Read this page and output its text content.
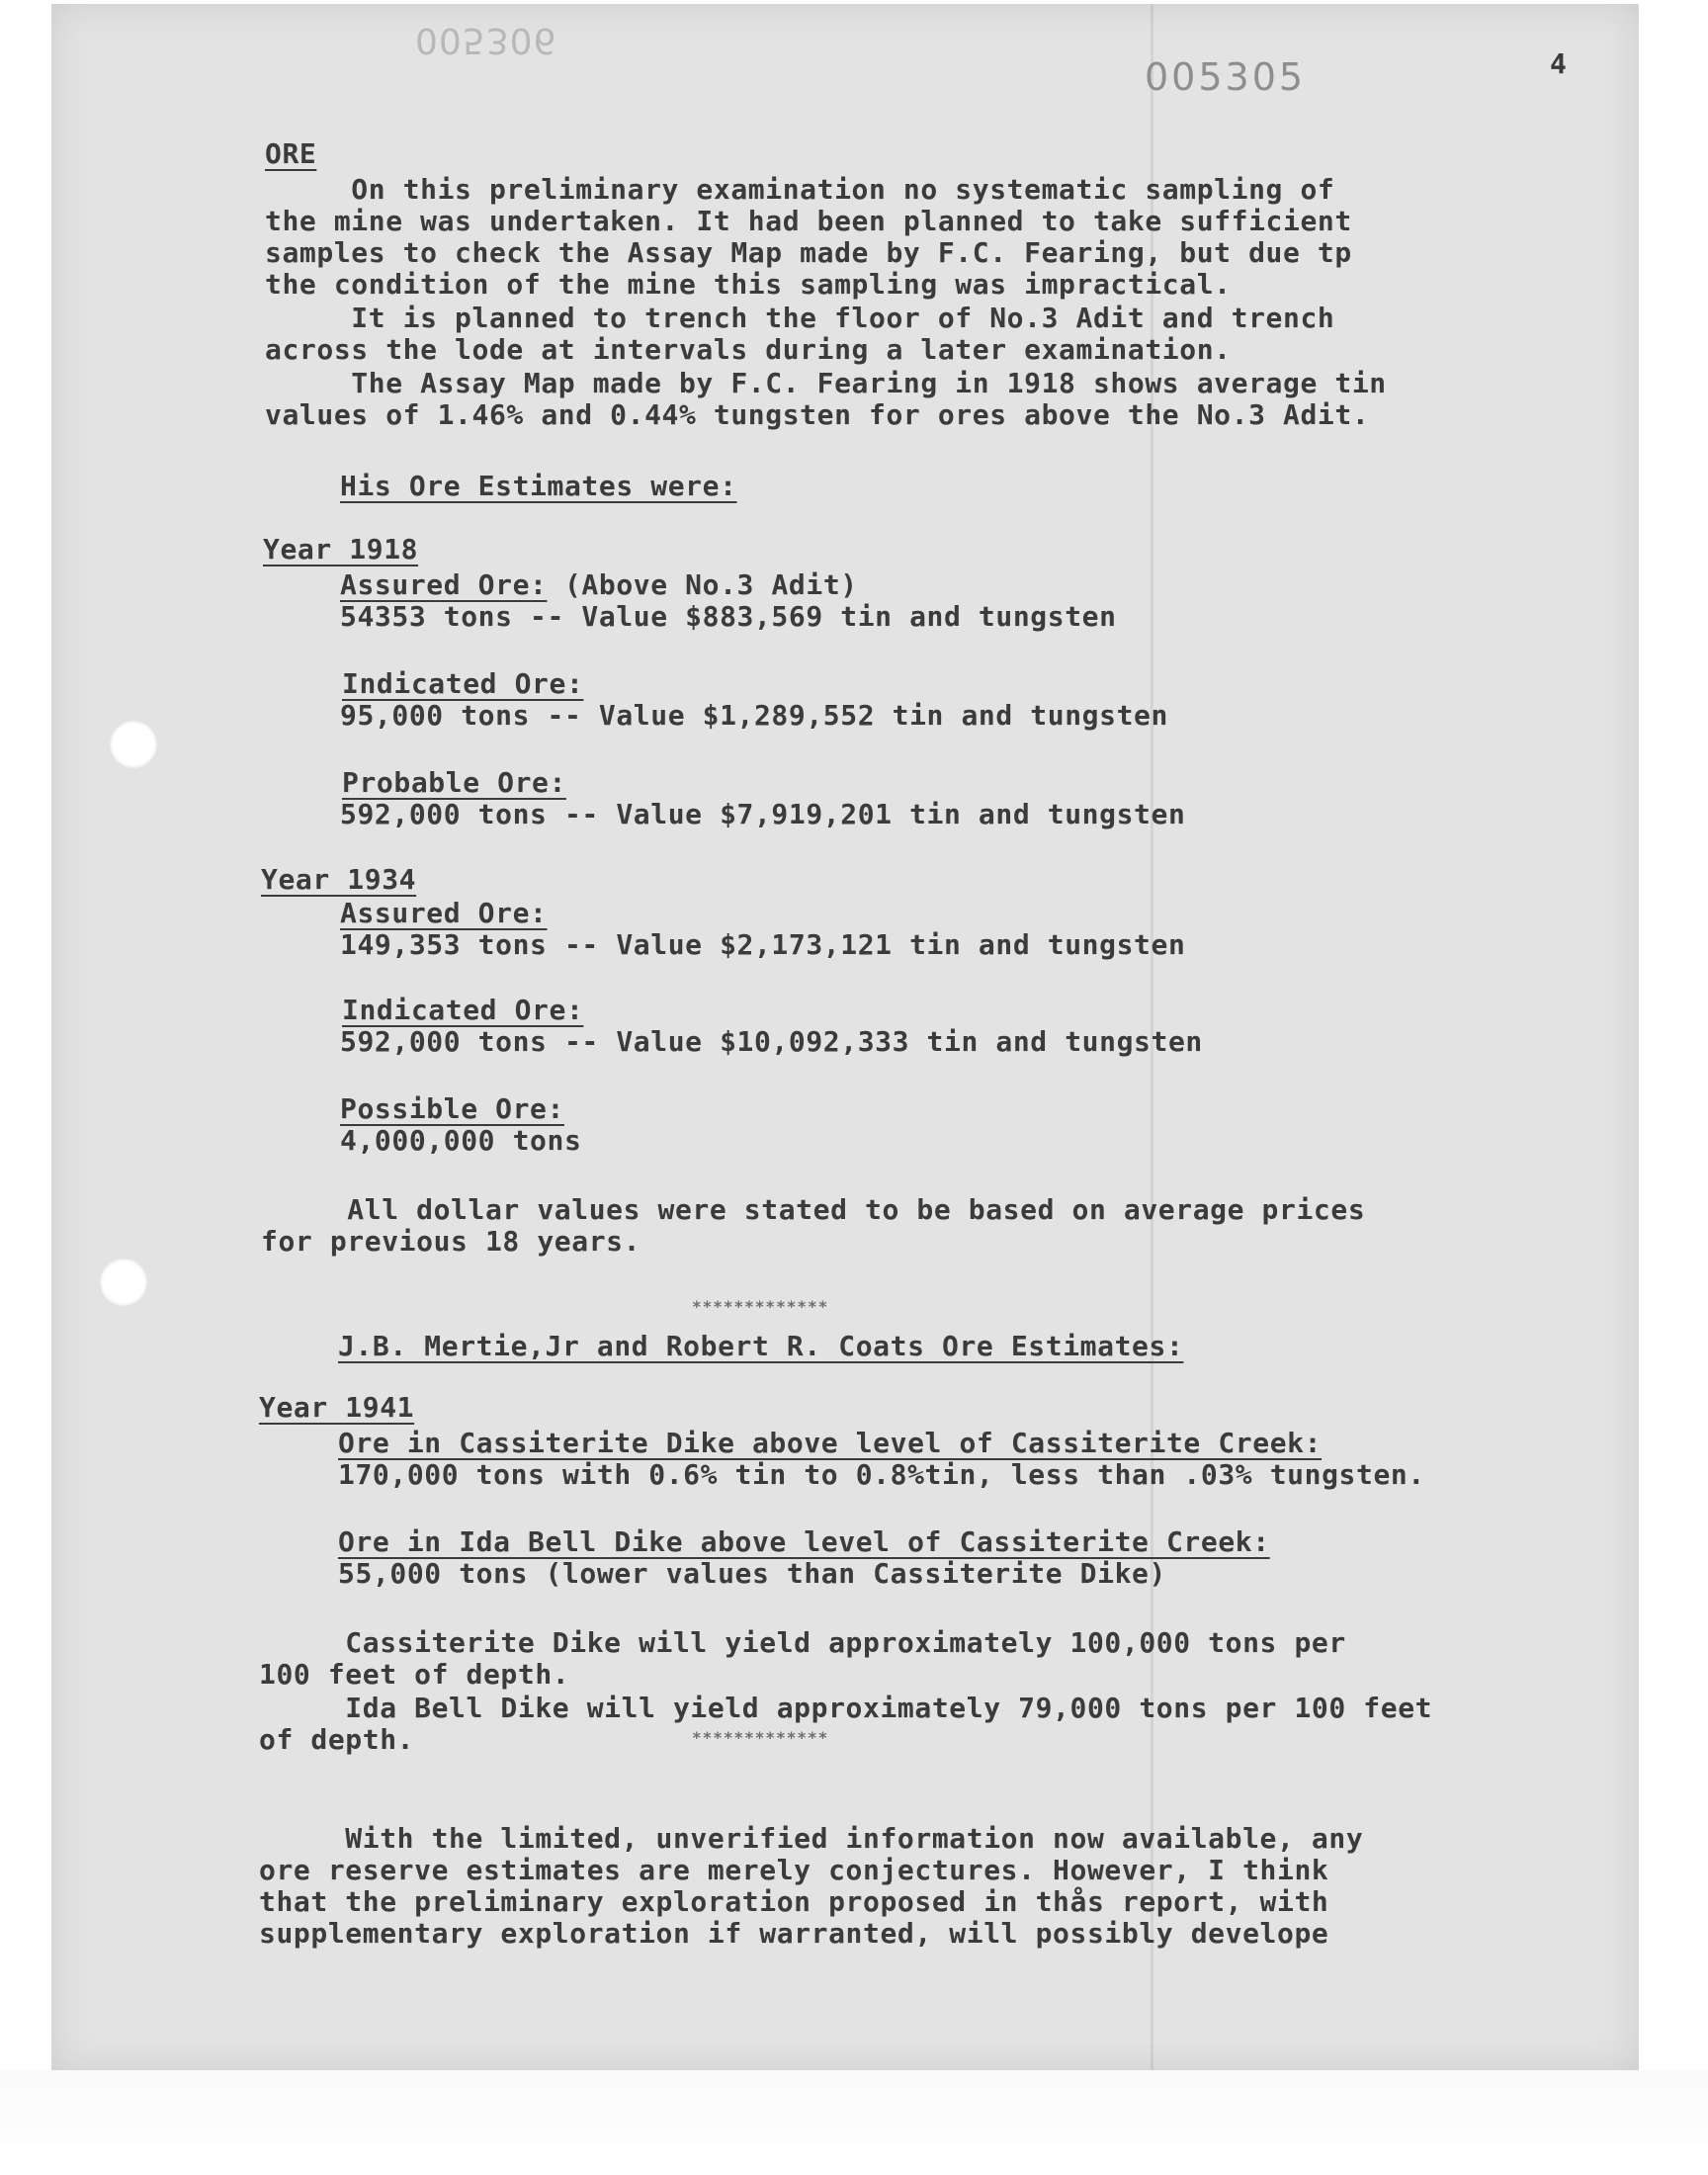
005306
005305	4
ORE
On this preliminary examination no systematic sampling of
the mine was undertaken. It had been planned to take sufficient
samples to check the Assay Map made by F.C. Fearing, but due tp
the condition of the mine this sampling was impractical.
It is planned to trench the floor of No.3 Adit and trench
across the lode at intervals during a later examination.
The Assay Map made by F.C. Fearing in 1918 shows average tin
values of 1.46% and 0.44% tungsten for ores above the No.3 Adit.
His Ore Estimates were:
Year 1918
Assured Ore: (Above No.3 Adit)
54353 tons -- Value $883,569 tin and tungsten
Indicated Ore:
95,000 tons -- Value $1,289,552 tin and tungsten
Probable Ore:
592,000 tons -- Value $7,919,201 tin and tungsten
Year 1934
Assured Ore:
149,353 tons -- Value $2,173,121 tin and tungsten
Indicated Ore:
592,000 tons -- Value $10,092,333 tin and tungsten
Possible Ore:
4,000,000 tons
All dollar values were stated to be based on average prices
for previous 18 years.
*************
J.B. Mertie,Jr and Robert R. Coats Ore Estimates:
Year 1941
Ore in Cassiterite Dike above level of Cassiterite Creek:
170,000 tons with 0.6% tin to 0.8%tin, less than .03% tungsten.
Ore in Ida Bell Dike above level of Cassiterite Creek:
55,000 tons (lower values than Cassiterite Dike)
Cassiterite Dike will yield approximately 100,000 tons per
100 feet of depth.
Ida Bell Dike will yield approximately 79,000 tons per 100 feet
of depth.	*************
With the limited, unverified information now available, any
ore reserve estimates are merely conjectures. However, I think
that the preliminary exploration proposed in thås report, with
supplementary exploration if warranted, will possibly develope
